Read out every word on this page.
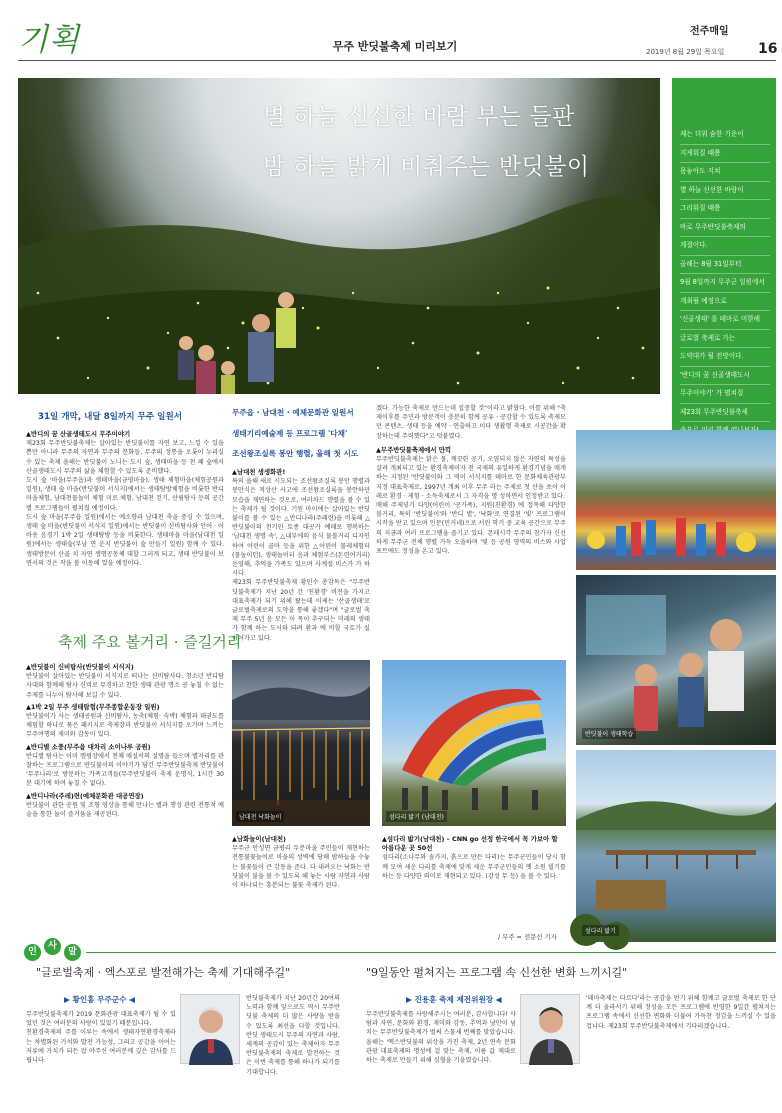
기획	무주 반딧불축제 미리보기
전주매일
2019년 8월 29일 목요일 16
별 하늘 신선한 바람 부는 들판
밤 하늘 밝게 비춰주는 반딧불이
제는 더위 숨한 기운이
지게워질 때쯤
몸놓아도 지쳐
별 하늘 신선한 바람이
그리워질 때쯤
바로 무주반딧불축제의
계절이다.
올해는 8월 31일부터
9월 8일까지 무주군 일원에서
개최될 예정으로
'신골생태' 를 테마로 미한해
글로벌 축제로 가는
도약대가 될 전망이다.
'반디의 꿈 신골생태도시
무주이야기' 가 펼쳐질
제23회 무주반딧불축제
31일 개막, 내달 8일까지 무주 일원서
▲반디의 꿈 산골생태도시 무주이야기
제23회 무주반딧불축제는 살아있는 반딧불이를 자연 보고, 느낄 수 있을 뿐만 아니라 무주의 자연과 무주의 문화들, 무주의 정통을 오롯이 누리실 수 있는 축제 올해는 반딧불이 노니는 도시 숲, 생태마을 등 천 혜 숲에서 산골생태도시 무주의 삶을 체험할 수 있도록 준비했다.
도시 숲 '마을(무주읍)과 생태마을(금평마을), 생태 체험마을(체험공원과 일원), 생태 숲 마을(반딧불이 서식지)에서는 생태탐방체험을 비롯한 반디마을체험, 남대천물놀이 체험 미로 체험, 남대천 걷기, 산림탐사 등의 공간별 프로그램들이 펼쳐질 예정이다.
도시 숲 마을(무주읍 일원)에서는 예소향과 남대천 축을 중심 수 있으며, 생태 숲 마을(반딧불이 서식지 일원)에서는 반딧불이 신비탐사와 인어 · 어바웃 음경기 1박 2일 생태탐방 등을 비롯한다. 생태마을 마을(남대천 일원)에서는 생태숲(부남 면 운지 반딧불이 숲 만들기 일원) 함께 수 있다. 생태방문이 산골 치 자연 생명공동체 대할 그러게 되고, 생태 반딧불이 보면서의 것은 작을 볼 이동해 있을 예정이다.
무주읍 · 남대천 · 예체문화관 일원서
생태기리예술제 등 프로그램 '다채'
조선왕조실록 봉안 행렬, 올해 첫 시도
▲남대천 생생화관!
특히 올해 새로 시도되는 조선왕조실록 봉안 행렬과 봉안식은 적상산 사고에 조선왕조실록을 봉안하던 모습을 재연하는 것으로, 여러차드 행렬을 볼 수 있는 축제가 될 것이다. 기원 마이에는 살아있는 반딧불이를 볼 수 있는 △반디나라(주레련)을 비롯해 △반딧불이의 천기인 토종 대공가 예매로 행복하는 '남대천 생명 속', △내부에의 음식 물볼거리 디자인하여 어린이 골마 등을 위한 △어린이 물레체험터(물놀이턴), 생태놀이터 음과 체험부스(돈련어거리) 운영해, 추억을 가족도 있으며 사계절 비스가 가 하시다.
제23회 무주반딧불축제 황인수 총감독은 "무주반딧불축제가 지난 20년 간 '친환경' 비전을 가지고 대표축제가 되기 위해 왔는데 이제는 '산골생태'로 글로벌축제로의 도약을 통해 좋겠다"며 "글로벌 축제 무주 5년 음 모든 이 목이 추구되는 미래의 생태가 함께 하는 도시와 되려 환과 에 비할 국토가 실 이어가고 있다.
겠다. 가능한 축제로 만드는데 집중할 것"이라고 밝혔다. 이를 위해 "축제이후를 주민과 방문객이 충분히 함께 공유 · 공감할 수 있도록 축제모던 콘텐츠, 생태 등을 예약 · 연출하고 이다 생활형 축제로 시공간을 확장하는데 주력했다"고 덧붙였다.
▲무주반딧불축제에서 만끽
무주반딧불축제는 맑은 물, 깨끗한 공기, 오염되지 않은 자연의 특성을 살려 개최되고 있는 환경축제이자 천 국제의 유일하게 환경기념을 매개하는 지정된 '반딧불이와 그 먹이 서식지를 테마로 한 문화체육관광부 지정 대표축제로, 1997년 개최 이후 무주 라는 주제로 첫 산을 쏘이 이레로 환경 · 제험 · 소득축제로서 그 자격을 명 성하면서 인정받고 있다.
매해 주제넣기 다양(어린이 '공가족), 지원(친환경) 에 접목해 다양한 볼거리, 특히 '반딧불이'와 '반디 별', '낙화'로 연결된 '빛' 프로그램이 시작을 받고 있으며 인문(민거네)으로 서린 학기 중 교육 공간으로 무주의 지금과 여러 프로그램을 즐기고 있다. 본래시각 무주의 참가자 신선하게 무주군 전체 행렬 가득 오을하며 '빛 등 공원 영역의 비스와 사업포트에도 정성을 온고 있다.
반딧불이 생태학습
축제 주요 볼거리 · 즐길거리
▲반딧불이 신비탐사(반딧불이 서식지)
반딧불이 살아있는 반딧불이 서식지로 떠나는 신비탐사다. 청소년 반디탐사대와 함께해 탐사 신비로 무경하고 찬한 생태 관광 명소 공 놓칠 수 없는 주제를 나누어 탐사해 보길 수 있다.
▲1박 2일 무주 생태탐험(무주종합운동장 일원)
반딧불이가 사는 생태공원과 신비탐사, 농축(체험· 숙박) 체험과 태권도를 체험할 하나로 묶은 패키지로 축제장과 반딧불이 서식지를 오가며 느끼는 무주여행의 재미와 감동이 있다.
▲반디별 소풍(무주읍 대차리 소이나루 공원)
반디별 탐사는 이미 캠핑장에서 천체 매설서의 설명을 들으며 별자리를 관찰하는 프로그램으로 반딧불이의 이야기가 담긴 무주반딧불축제 반딧불이 '무주나라'로 방문하는 가족고객들(무주반딧불이 축제 운명식, 1시간 30분 대기에 하며 놓칠 수 없다).
▲반디나라(주레)련(예체문화관 대공연장)
반딧불이 관한 공원 및 조형 영상을 통해 만나는 별과 행성 관련 전통적 예술을 통한 놀이 즐거움을 제공된다.	남대천 낙화놀이	섬다리 밟기 (남대천)
▲남화놀이(남대천)
무주군 안성면 금평리 두문마을 주민들이 재현하는 전통불꽃놀이로 마을의 성벽에 당해 밤하늘을 수놓는 불꽃들이 큰 감동을 준다. 다 내려오는 낙화는 반딧불이 불을 볼 수 있도록 해 놓는 사람 자연과 사람이 하나되는 흥분되는 불꽃 축제가 된다.
▲섬다리 밟기(남대천) – CNN go 선정 한국에서 꼭 가보아 할 아름다운 곳 50선
섬다리(소나무와 솔가지, 흙으로 만든 다리)는 무주군민들이 당시 함께 모여 세운 다리를 축제에 맞게 세운 무주군민들의 옛 소원 빌기를 하는 등 다양한 의미로 재현되고 있다. (강성 무 등) 을 볼 수 있다.
/ 무주 = 전문선 기자
섶다리 밟기
인
사
말
"글로벌축제 · 엑스포로 발전해가는 축제 기대해주길"
▶ 황인홍 무주군수 ◀
무주반딧불축제가 2019 문화관광 대표축제가 될 수 있었던 것은 여러분의 사랑이 있었기 때문입니다.
친환경축제의 주를 이루는 속에서 생태자연환경축제라는 차별화된 가치와 발전 가능성, 그리고 공감을 이어는 저류에 가치가 되든 잡 아주신 여러분께 깊은 감사를 드립니다.
반딧불축제가 지난 20년간 20여의 노력과 함께 앞으로도 역시 무주반딧불 축제의 더 많은 사랑을 받을 수 있도록 최선을 다할 것입니다. 반딧 생태도시 무주의 자연과 사람, 세계의 공감이 있는 축제이자 무주반딧불축제의 축제로 발전하는 것은 이번 축제를 통해 하나가 되기를 기대합니다.
"9일동안 펼쳐지는 프로그램 속 신선한 변화 느끼시길"
▶ 진용훈 축제 제전위원장 ◀
무주반딧불축제를 사랑해주시는 여러분, 감사합니다! 사람과 자연, 문화와 환경, 재미와 감동, 추억과 낭만이 넘치는 무주반딧불축제가 벌써 스물세 번째를 맞았습니다.
올해는 '엑스반딧불의 위상을 가진 축제, 2년 연속 문화관광 대표축제의 명성에 걸 맞는 축제, 이름 값 제대로 하는 축제로 만들기 위해 심혈을 기울였습니다.
'테마축제는 다르다'라는 공감을 얻기 위해 함께고 글로벌 축제로 한 단계 더 올라서기 위해 정성을 모든 프로그램에 반영한 9일간 펼쳐지는 프로그램 속에서 신선한 변화와 더불어 가득찬 정감을 느끼실 수 있을 겁니다. 제23회 무주반딧불축제에서 기다리겠습니다.
